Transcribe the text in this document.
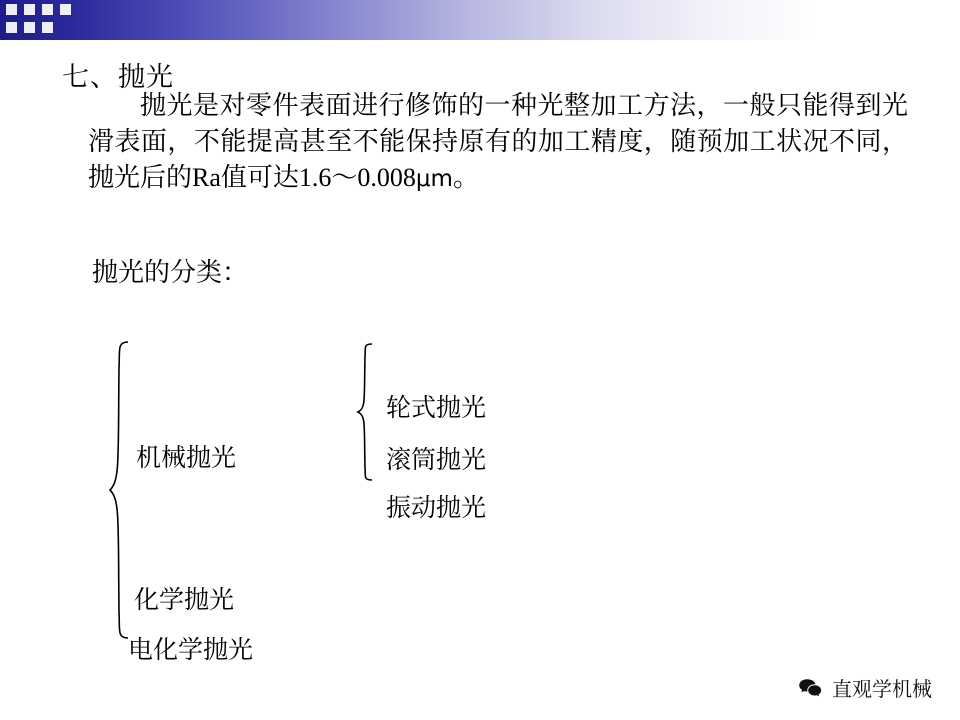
七、抛光
抛光是对零件表面进行修饰的一种光整加工方法，一般只能得到光滑表面，不能提高甚至不能保持原有的加工精度，随预加工状况不同，抛光后的Ra值可达1.6～0.008μm。
抛光的分类：
机械抛光
化学抛光
电化学抛光
轮式抛光
滚筒抛光
振动抛光
直观学机械
